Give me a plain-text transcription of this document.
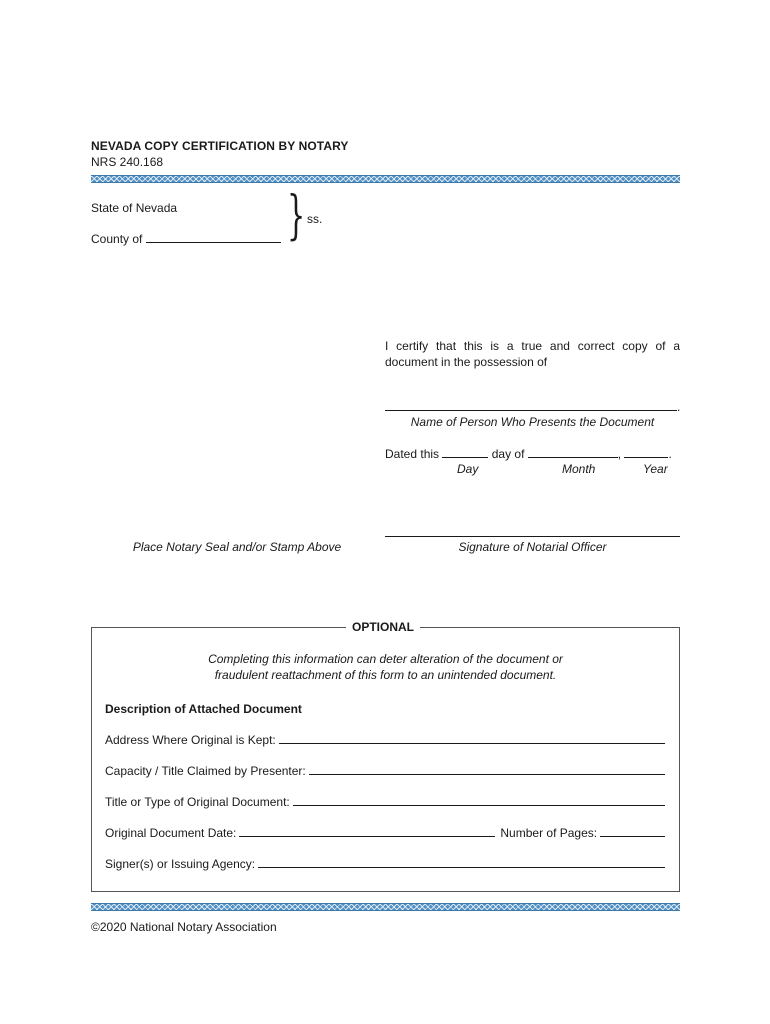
NEVADA COPY CERTIFICATION BY NOTARY
NRS 240.168
State of Nevada
County of	} ss.
I certify that this is a true and correct copy of a document in the possession of
.
Name of Person Who Presents the Document
Dated this	day of	,	.
Day	Month	Year
Place Notary Seal and/or Stamp Above	Signature of Notarial Officer
OPTIONAL
Completing this information can deter alteration of the document or
fraudulent reattachment of this form to an unintended document.
Description of Attached Document
Address Where Original is Kept:
Capacity / Title Claimed by Presenter:
Title or Type of Original Document:
Original Document Date:	Number of Pages:
Signer(s) or Issuing Agency:
©2020 National Notary Association
